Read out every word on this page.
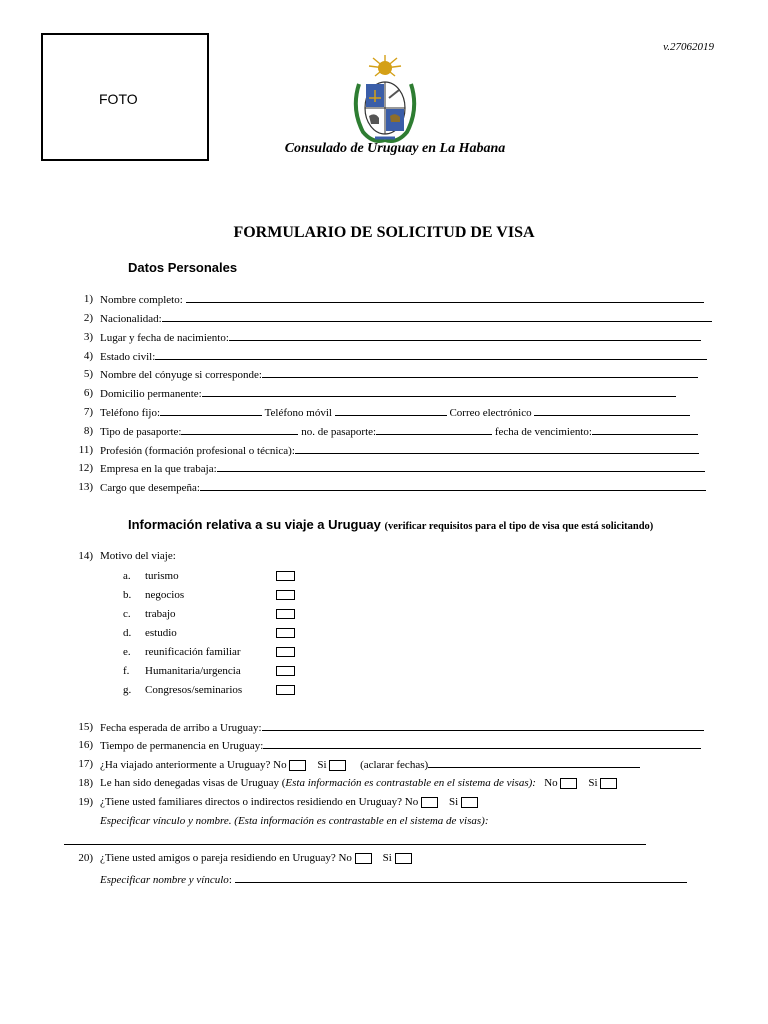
FOTO
v.27062019
Consulado de Uruguay en La Habana
FORMULARIO DE SOLICITUD DE VISA
Datos Personales
1) Nombre completo:
2) Nacionalidad:
3) Lugar y fecha de nacimiento:
4) Estado civil:
5) Nombre del cónyuge si corresponde:
6) Domicilio permanente:
7) Teléfono fijo:	Teléfono móvil	Correo electrónico
8) Tipo de pasaporte:	no. de pasaporte:	fecha de vencimiento:
11) Profesión (formación profesional o técnica):
12) Empresa en la que trabaja:
13) Cargo que desempeña:
Información relativa a su viaje a Uruguay (verificar requisitos para el tipo de visa que está solicitando)
14) Motivo del viaje:
a. turismo
b. negocios
c. trabajo
d. estudio
e. reunificación familiar
f. Humanitaria/urgencia
g. Congresos/seminarios
15) Fecha esperada de arribo a Uruguay:
16) Tiempo de permanencia en Uruguay:
17) ¿Ha viajado anteriormente a Uruguay? No	Si	(aclarar fechas)
18) Le han sido denegadas visas de Uruguay (Esta información es contrastable en el sistema de visas): No	Si
19) ¿Tiene usted familiares directos o indirectos residiendo en Uruguay? No	Si
Especificar vínculo y nombre. (Esta información es contrastable en el sistema de visas):
20) ¿Tiene usted amigos o pareja residiendo en Uruguay? No	Si
Especificar nombre y vínculo:
